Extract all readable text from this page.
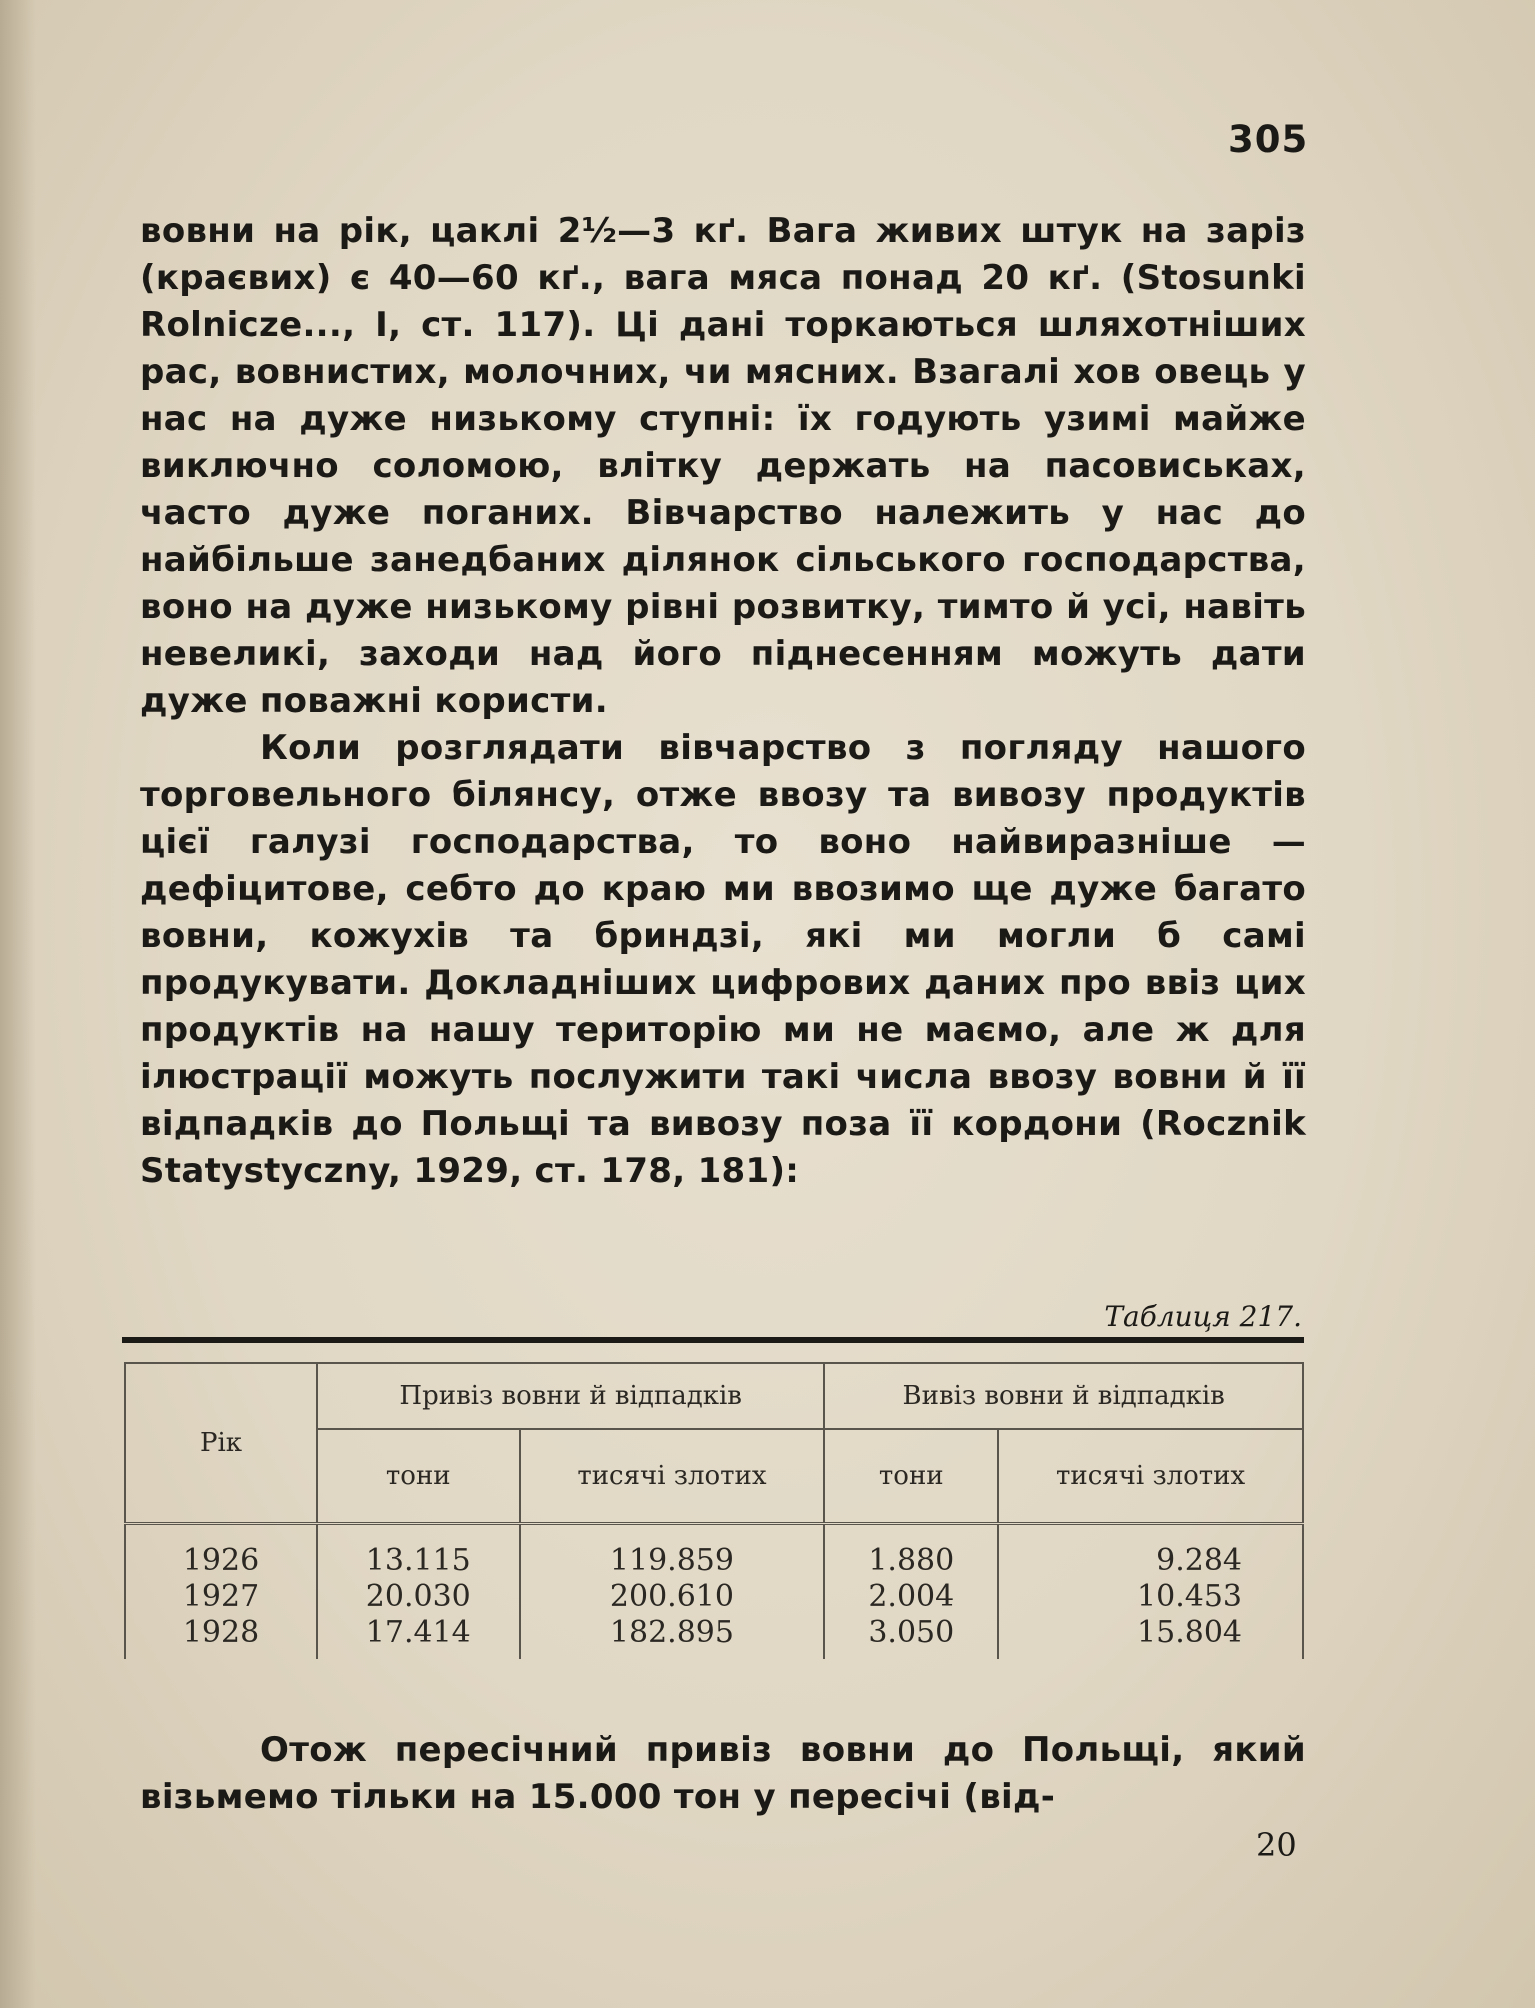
305

вовни на рік, цаклі 2½—3 кґ. Вага живих штук на заріз (краєвих) є 40—60 кґ., вага мяса понад 20 кґ. (Stosunki Rolnicze..., I, ст. 117). Ці дані торкаються шляхотніших рас, вовнистих, молочних, чи мясних. Взагалі хов овець у нас на дуже низькому ступні: їх годують узимі майже виключно соломою, влітку держать на пасовиськах, часто дуже поганих. Вівчарство належить у нас до найбільше занедбаних ділянок сільського господарства, воно на дуже низькому рівні розвитку, тимто й усі, навіть невеликі, заходи над його піднесенням можуть дати дуже поважні користи.

Коли розглядати вівчарство з погляду нашого торговельного білянсу, отже ввозу та вивозу продуктів цієї галузі господарства, то воно найвиразніше — дефіцитове, себто до краю ми ввозимо ще дуже багато вовни, кожухів та бриндзі, які ми могли б самі продукувати. Докладніших цифрових даних про ввіз цих продуктів на нашу територію ми не маємо, але ж для ілюстрації можуть послужити такі числа ввозу вовни й її відпадків до Польщі та вивозу поза її кордони (Rocznik Statystyczny, 1929, ст. 178, 181):

Таблиця 217.
Рік	Привіз вовни й відпадків		Вивіз вовни й відпадків	
	тони	тисячі злотих	тони	тисячі злотих

1926	13.115	119.859	1.880	9.284
1927	20.030	200.610	2.004	10.453
1928	17.414	182.895	3.050	15.804

Отож пересічний привіз вовни до Польщі, який візьмемо тільки на 15.000 тон у пересічі (від-

20
